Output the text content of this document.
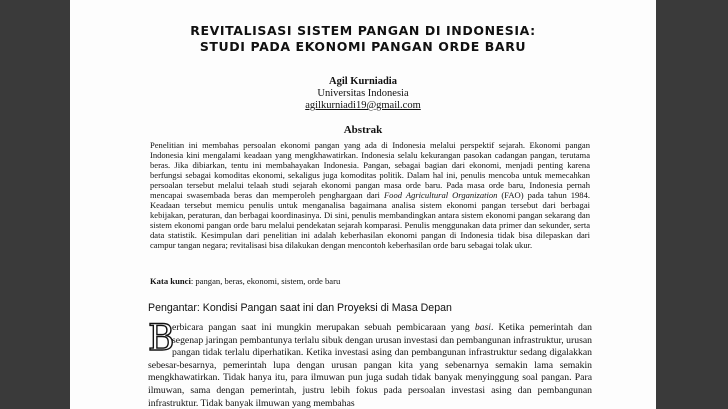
REVITALISASI SISTEM PANGAN DI INDONESIA:
STUDI PADA EKONOMI PANGAN ORDE BARU
Agil Kurniadia
Universitas Indonesia
agilkurniadi19@gmail.com
Abstrak

Penelitian ini membahas persoalan ekonomi pangan yang ada di Indonesia melalui perspektif sejarah. Ekonomi pangan Indonesia kini mengalami keadaan yang mengkhawatirkan. Indonesia selalu kekurangan pasokan cadangan pangan, terutama beras. Jika dibiarkan, tentu ini membahayakan Indonesia. Pangan, sebagai bagian dari ekonomi, menjadi penting karena berfungsi sebagai komoditas ekonomi, sekaligus juga komoditas politik. Dalam hal ini, penulis mencoba untuk memecahkan persoalan tersebut melalui telaah studi sejarah ekonomi pangan masa orde baru. Pada masa orde baru, Indonesia pernah mencapai swasembada beras dan memperoleh penghargaan dari Food Agricultural Organization (FAO) pada tahun 1984. Keadaan tersebut memicu penulis untuk menganalisa bagaimana analisa sistem ekonomi pangan tersebut dari berbagai kebijakan, peraturan, dan berbagai koordinasinya. Di sini, penulis membandingkan antara sistem ekonomi pangan sekarang dan sistem ekonomi pangan orde baru melalui pendekatan sejarah komparasi. Penulis menggunakan data primer dan sekunder, serta data statistik. Kesimpulan dari penelitian ini adalah keberhasilan ekonomi pangan di Indonesia tidak bisa dilepaskan dari campur tangan negara; revitalisasi bisa dilakukan dengan mencontoh keberhasilan orde baru sebagai tolak ukur.

Kata kunci: pangan, beras, ekonomi, sistem, orde baru
Pengantar: Kondisi Pangan saat ini dan Proyeksi di Masa Depan

B
erbicara pangan saat ini mungkin merupakan sebuah pembicaraan yang basi. Ketika pemerintah dan segenap jaringan pembantunya terlalu sibuk dengan urusan investasi dan pembangunan infrastruktur, urusan pangan tidak terlalu diperhatikan. Ketika investasi asing dan pembangunan infrastruktur sedang digalakkan sebesar-besarnya, pemerintah lupa dengan urusan pangan kita yang sebenarnya semakin lama semakin mengkhawatirkan. Tidak hanya itu, para ilmuwan pun juga sudah tidak banyak menyinggung soal pangan. Para ilmuwan, sama dengan pemerintah, justru lebih fokus pada persoalan investasi asing dan pembangunan infrastruktur. Tidak banyak ilmuwan yang membahas
